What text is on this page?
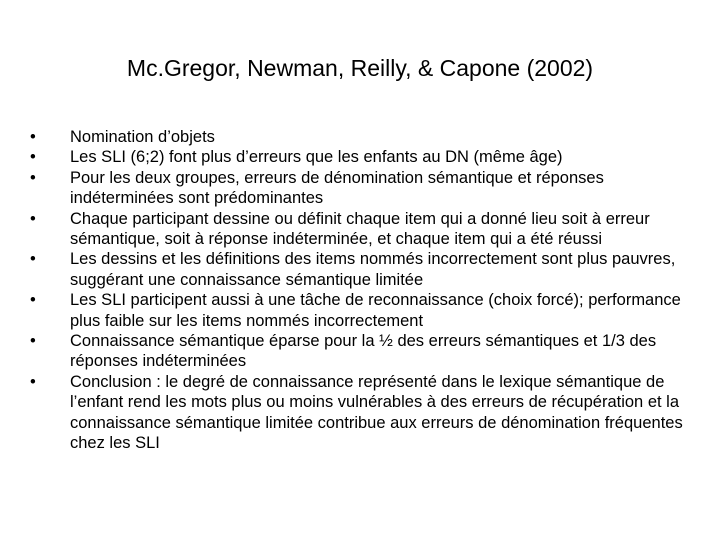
Mc.Gregor, Newman, Reilly, & Capone (2002)
•	Nomination d’objets
•	Les SLI (6;2) font plus d’erreurs que les enfants au DN (même âge)
•	Pour les deux groupes, erreurs de dénomination sémantique et réponses indéterminées sont prédominantes
•	Chaque participant dessine ou définit chaque item qui a donné lieu soit à erreur sémantique, soit à réponse indéterminée, et chaque item qui a été réussi
•	Les dessins et les définitions des items nommés incorrectement sont plus pauvres, suggérant une connaissance sémantique limitée
•	Les SLI participent aussi à une tâche de reconnaissance (choix forcé); performance plus faible sur les items nommés incorrectement
•	Connaissance sémantique éparse pour la ½ des erreurs sémantiques et 1/3 des réponses indéterminées
•	Conclusion : le degré de connaissance représenté dans le lexique sémantique de l’enfant rend les mots plus ou moins vulnérables à des erreurs de récupération et la connaissance sémantique limitée contribue aux erreurs de dénomination fréquentes chez les SLI
